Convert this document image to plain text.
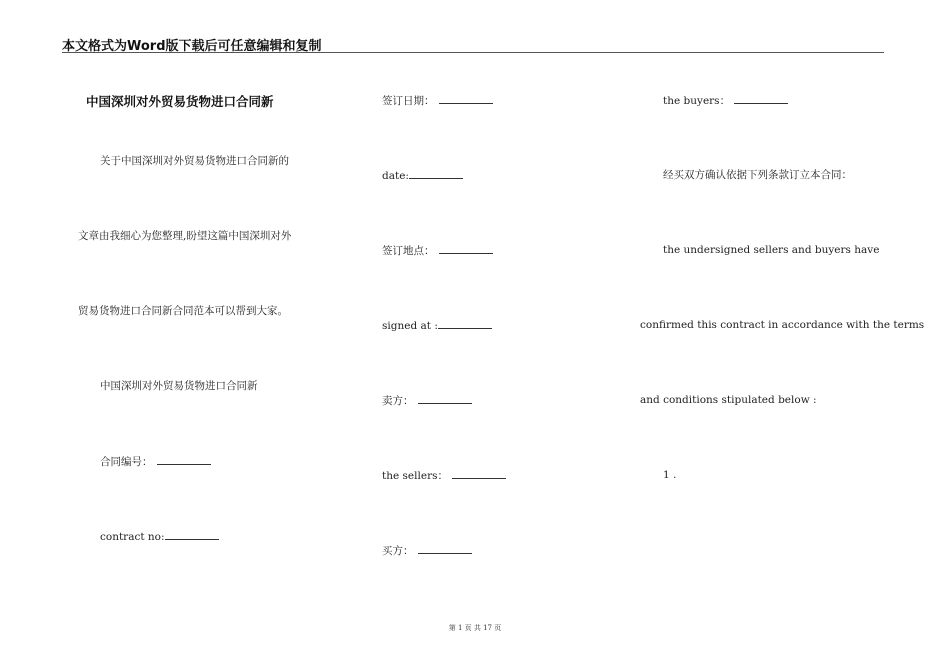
本文格式为Word版下载后可任意编辑和复制
中国深圳对外贸易货物进口合同新
关于中国深圳对外贸易货物进口合同新的
文章由我细心为您整理,盼望这篇中国深圳对外
贸易货物进口合同新合同范本可以帮到大家。
中国深圳对外贸易货物进口合同新
合同编号：
contract no:
签订日期：
date:
签订地点：
signed at :
卖方：
the sellers：
买方：
the buyers：
经买双方确认依据下列条款订立本合同：
the undersigned sellers and buyers have
confirmed this contract in accordance with the terms
and conditions stipulated below :
1 .
第 1 页 共 17 页
